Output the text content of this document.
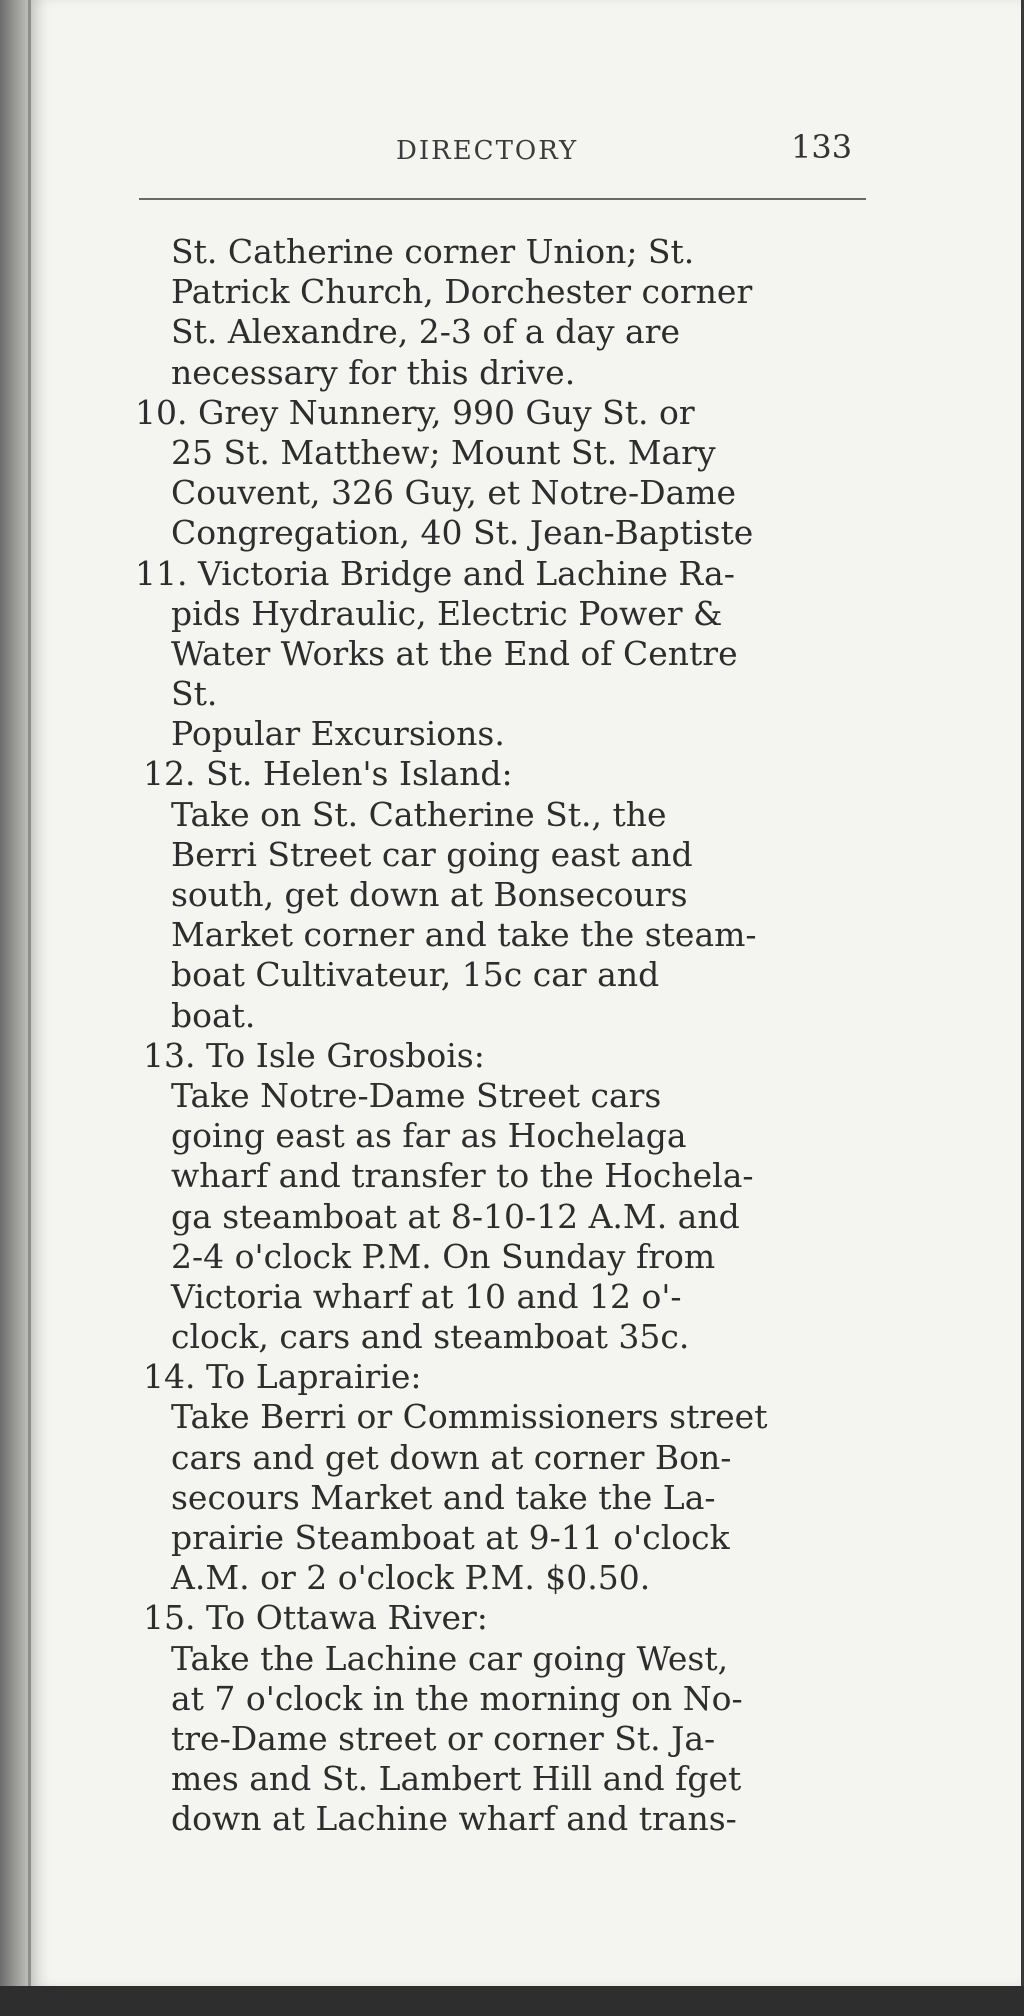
DIRECTORY	133
St. Catherine corner Union; St.
Patrick Church, Dorchester corner
St. Alexandre, 2-3 of a day are
necessary for this drive.
10. Grey Nunnery, 990 Guy St. or
25 St. Matthew; Mount St. Mary
Couvent, 326 Guy, et Notre-Dame
Congregation, 40 St. Jean-Baptiste
11. Victoria Bridge and Lachine Ra-
pids Hydraulic, Electric Power &
Water Works at the End of Centre
St.
Popular Excursions.
12. St. Helen's Island:
Take on St. Catherine St., the
Berri Street car going east and
south, get down at Bonsecours
Market corner and take the steam-
boat Cultivateur, 15c car and
boat.
13. To Isle Grosbois:
Take Notre-Dame Street cars
going east as far as Hochelaga
wharf and transfer to the Hochela-
ga steamboat at 8-10-12 A.M. and
2-4 o'clock P.M. On Sunday from
Victoria wharf at 10 and 12 o'-
clock, cars and steamboat 35c.
14. To Laprairie:
Take Berri or Commissioners street
cars and get down at corner Bon-
secours Market and take the La-
prairie Steamboat at 9-11 o'clock
A.M. or 2 o'clock P.M. $0.50.
15. To Ottawa River:
Take the Lachine car going West,
at 7 o'clock in the morning on No-
tre-Dame street or corner St. Ja-
mes and St. Lambert Hill and fget
down at Lachine wharf and trans-
